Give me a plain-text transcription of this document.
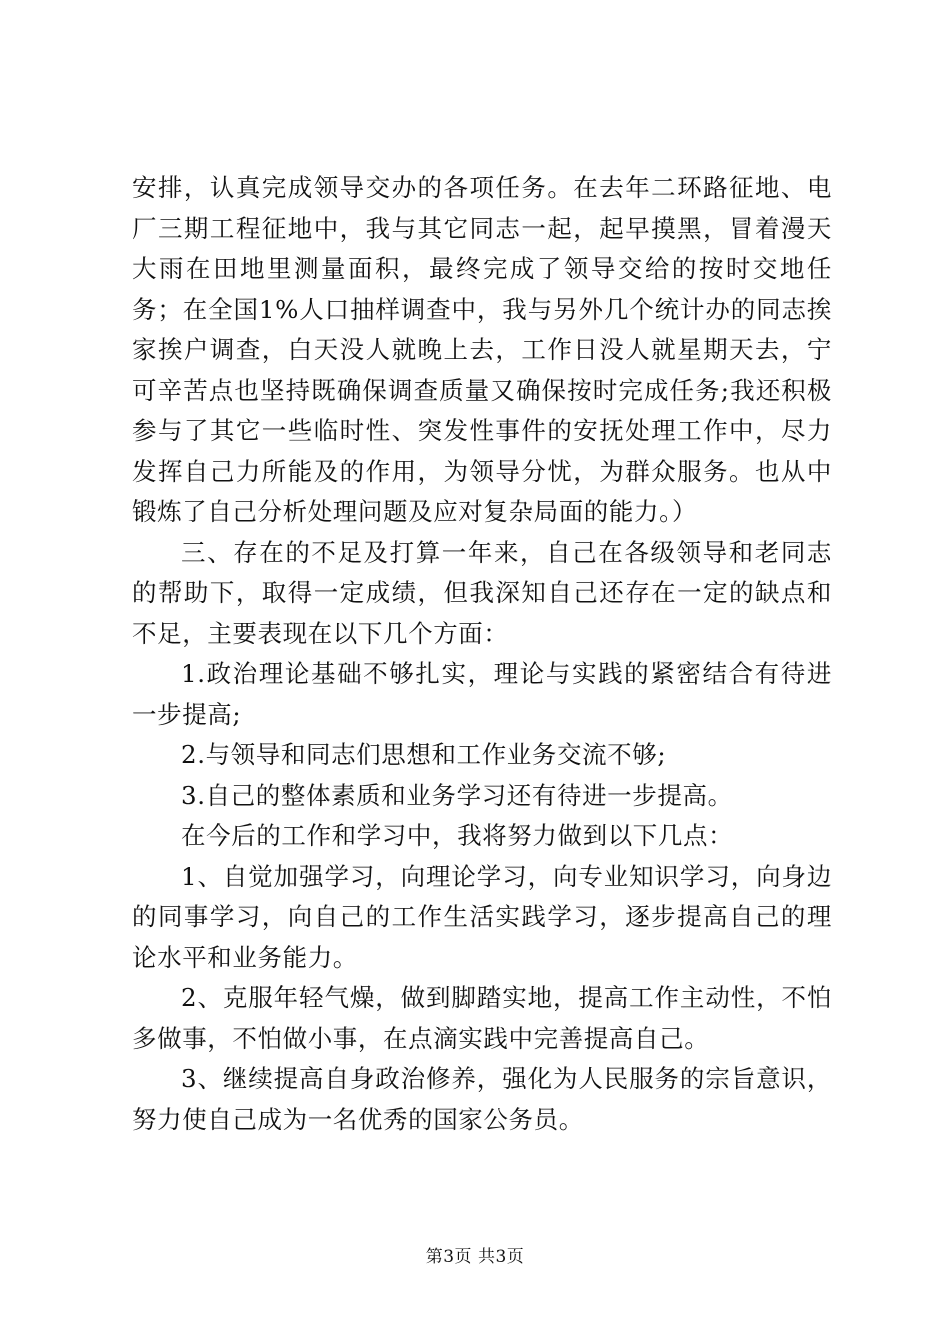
安排，认真完成领导交办的各项任务。在去年二环路征地、电厂三期工程征地中，我与其它同志一起，起早摸黑，冒着漫天大雨在田地里测量面积，最终完成了领导交给的按时交地任务；在全国1%人口抽样调查中，我与另外几个统计办的同志挨家挨户调查，白天没人就晚上去，工作日没人就星期天去，宁可辛苦点也坚持既确保调查质量又确保按时完成任务;我还积极参与了其它一些临时性、突发性事件的安抚处理工作中，尽力发挥自己力所能及的作用，为领导分忧，为群众服务。也从中锻炼了自己分析处理问题及应对复杂局面的能力。）

三、存在的不足及打算一年来，自己在各级领导和老同志的帮助下，取得一定成绩，但我深知自己还存在一定的缺点和不足，主要表现在以下几个方面：

1.政治理论基础不够扎实，理论与实践的紧密结合有待进一步提高;

2.与领导和同志们思想和工作业务交流不够;

3.自己的整体素质和业务学习还有待进一步提高。

在今后的工作和学习中，我将努力做到以下几点：

1、自觉加强学习，向理论学习，向专业知识学习，向身边的同事学习，向自己的工作生活实践学习，逐步提高自己的理论水平和业务能力。

2、克服年轻气燥，做到脚踏实地，提高工作主动性，不怕多做事，不怕做小事，在点滴实践中完善提高自己。

3、继续提高自身政治修养，强化为人民服务的宗旨意识，努力使自己成为一名优秀的国家公务员。

第3页 共3页
